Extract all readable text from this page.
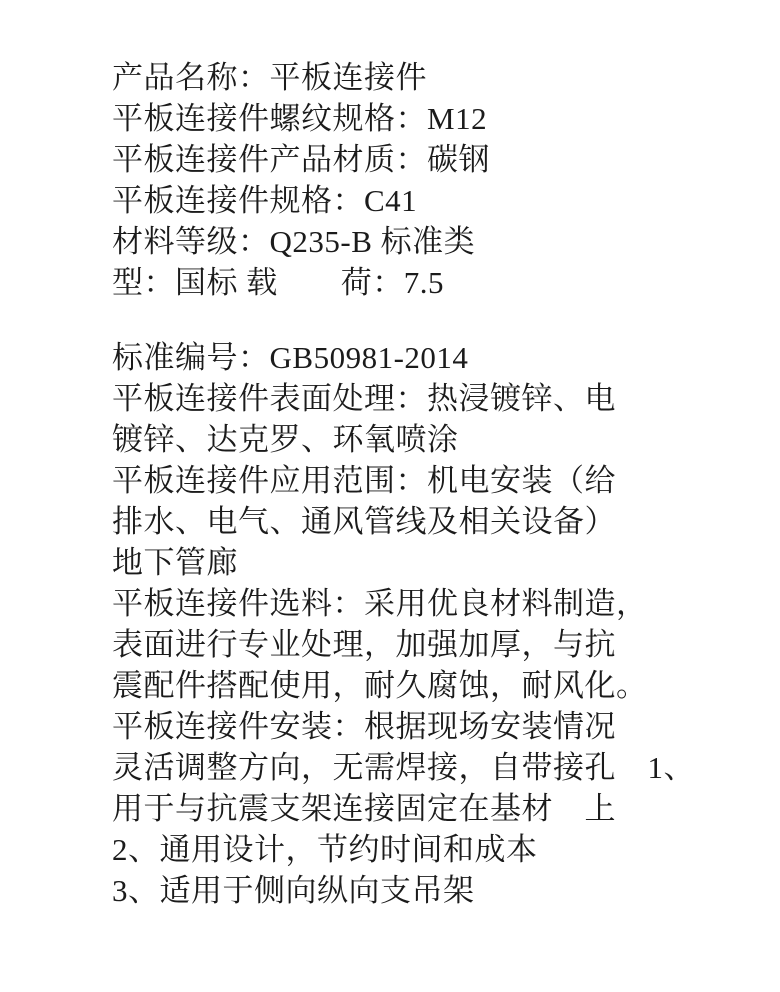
产品名称：平板连接件
平板连接件螺纹规格：M12
平板连接件产品材质：碳钢
平板连接件规格：C41
材料等级：Q235-B 标准类
型：国标 载　　荷：7.5
标准编号：GB50981-2014
平板连接件表面处理：热浸镀锌、电
镀锌、达克罗、环氧喷涂
平板连接件应用范围：机电安装（给
排水、电气、通风管线及相关设备）
地下管廊
平板连接件选料：采用优良材料制造，
表面进行专业处理，加强加厚，与抗
震配件搭配使用，耐久腐蚀，耐风化。
平板连接件安装：根据现场安装情况
灵活调整方向，无需焊接，自带接孔　1、
用于与抗震支架连接固定在基材　上
2、通用设计，节约时间和成本
3、适用于侧向纵向支吊架
